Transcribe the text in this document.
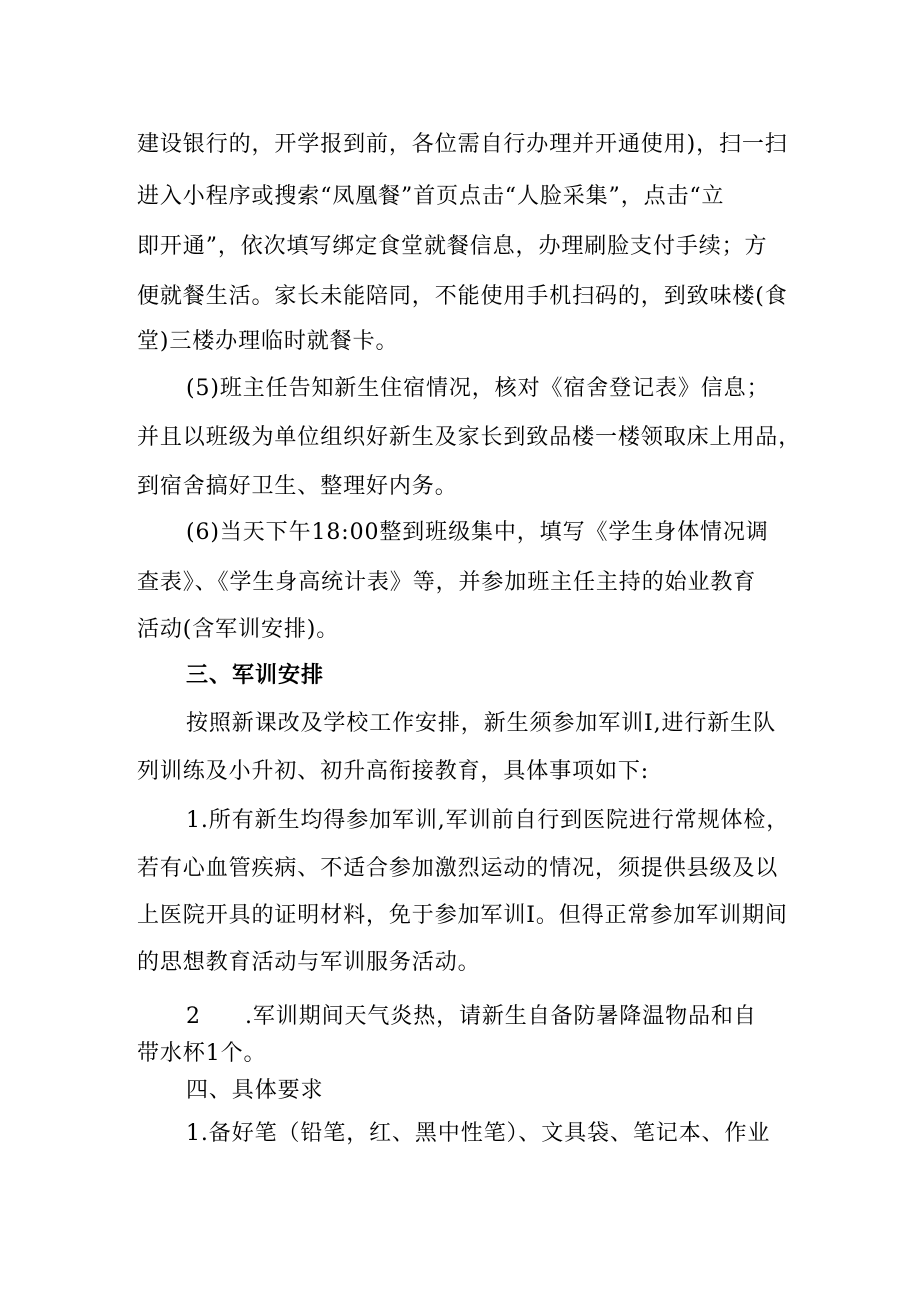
建设银行的，开学报到前，各位需自行办理并开通使用)，扫一扫
进入小程序或搜索“凤凰餐”首页点击“人脸采集”，点击“立
即开通”，依次填写绑定食堂就餐信息，办理刷脸支付手续；方
便就餐生活。家长未能陪同，不能使用手机扫码的，到致味楼(食
堂)三楼办理临时就餐卡。
(5)班主任告知新生住宿情况，核对《宿舍登记表》信息；
并且以班级为单位组织好新生及家长到致品楼一楼领取床上用品，
到宿舍搞好卫生、整理好内务。
(6)当天下午18:00整到班级集中，填写《学生身体情况调
查表》、《学生身高统计表》等，并参加班主任主持的始业教育
活动(含军训安排)。
三、军训安排
按照新课改及学校工作安排，新生须参加军训I,进行新生队
列训练及小升初、初升高衔接教育，具体事项如下:
1.所有新生均得参加军训,军训前自行到医院进行常规体检，
若有心血管疾病、不适合参加激烈运动的情况，须提供县级及以
上医院开具的证明材料，免于参加军训I。但得正常参加军训期间
的思想教育活动与军训服务活动。
2 .军训期间天气炎热，请新生自备防暑降温物品和自
带水杯1个。
四、具体要求
1.备好笔（铅笔，红、黑中性笔）、文具袋、笔记本、作业
